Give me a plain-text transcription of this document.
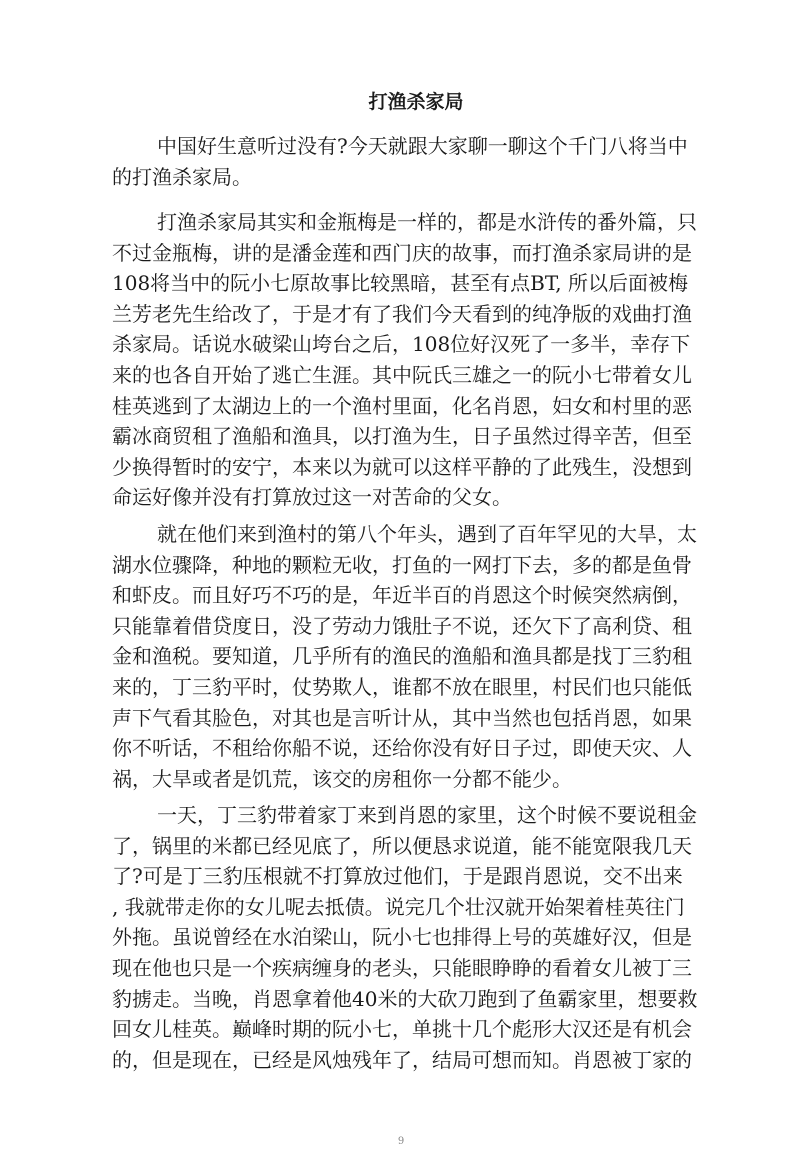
打渔杀家局
中国好生意听过没有?今天就跟大家聊一聊这个千门八将当中
的打渔杀家局。
打渔杀家局其实和金瓶梅是一样的，都是水浒传的番外篇，只
不过金瓶梅，讲的是潘金莲和西门庆的故事，而打渔杀家局讲的是
108将当中的阮小七原故事比较黑暗，甚至有点BT, 所以后面被梅
兰芳老先生给改了，于是才有了我们今天看到的纯净版的戏曲打渔
杀家局。话说水破梁山垮台之后，108位好汉死了一多半，幸存下
来的也各自开始了逃亡生涯。其中阮氏三雄之一的阮小七带着女儿
桂英逃到了太湖边上的一个渔村里面，化名肖恩，妇女和村里的恶
霸冰商贸租了渔船和渔具，以打渔为生，日子虽然过得辛苦，但至
少换得暂时的安宁，本来以为就可以这样平静的了此残生，没想到
命运好像并没有打算放过这一对苦命的父女。
就在他们来到渔村的第八个年头，遇到了百年罕见的大旱，太
湖水位骤降，种地的颗粒无收，打鱼的一网打下去，多的都是鱼骨
和虾皮。而且好巧不巧的是，年近半百的肖恩这个时候突然病倒，
只能靠着借贷度日，没了劳动力饿肚子不说，还欠下了高利贷、租
金和渔税。要知道，几乎所有的渔民的渔船和渔具都是找丁三豹租
来的，丁三豹平时，仗势欺人，谁都不放在眼里，村民们也只能低
声下气看其脸色，对其也是言听计从，其中当然也包括肖恩，如果
你不听话，不租给你船不说，还给你没有好日子过，即使天灾、人
祸，大旱或者是饥荒，该交的房租你一分都不能少。
一天，丁三豹带着家丁来到肖恩的家里，这个时候不要说租金
了，锅里的米都已经见底了，所以便恳求说道，能不能宽限我几天
了?可是丁三豹压根就不打算放过他们，于是跟肖恩说，交不出来
, 我就带走你的女儿呢去抵债。说完几个壮汉就开始架着桂英往门
外拖。虽说曾经在水泊梁山，阮小七也排得上号的英雄好汉，但是
现在他也只是一个疾病缠身的老头，只能眼睁睁的看着女儿被丁三
豹掳走。当晚，肖恩拿着他40米的大砍刀跑到了鱼霸家里，想要救
回女儿桂英。巅峰时期的阮小七，单挑十几个彪形大汉还是有机会
的，但是现在，已经是风烛残年了，结局可想而知。肖恩被丁家的
9
